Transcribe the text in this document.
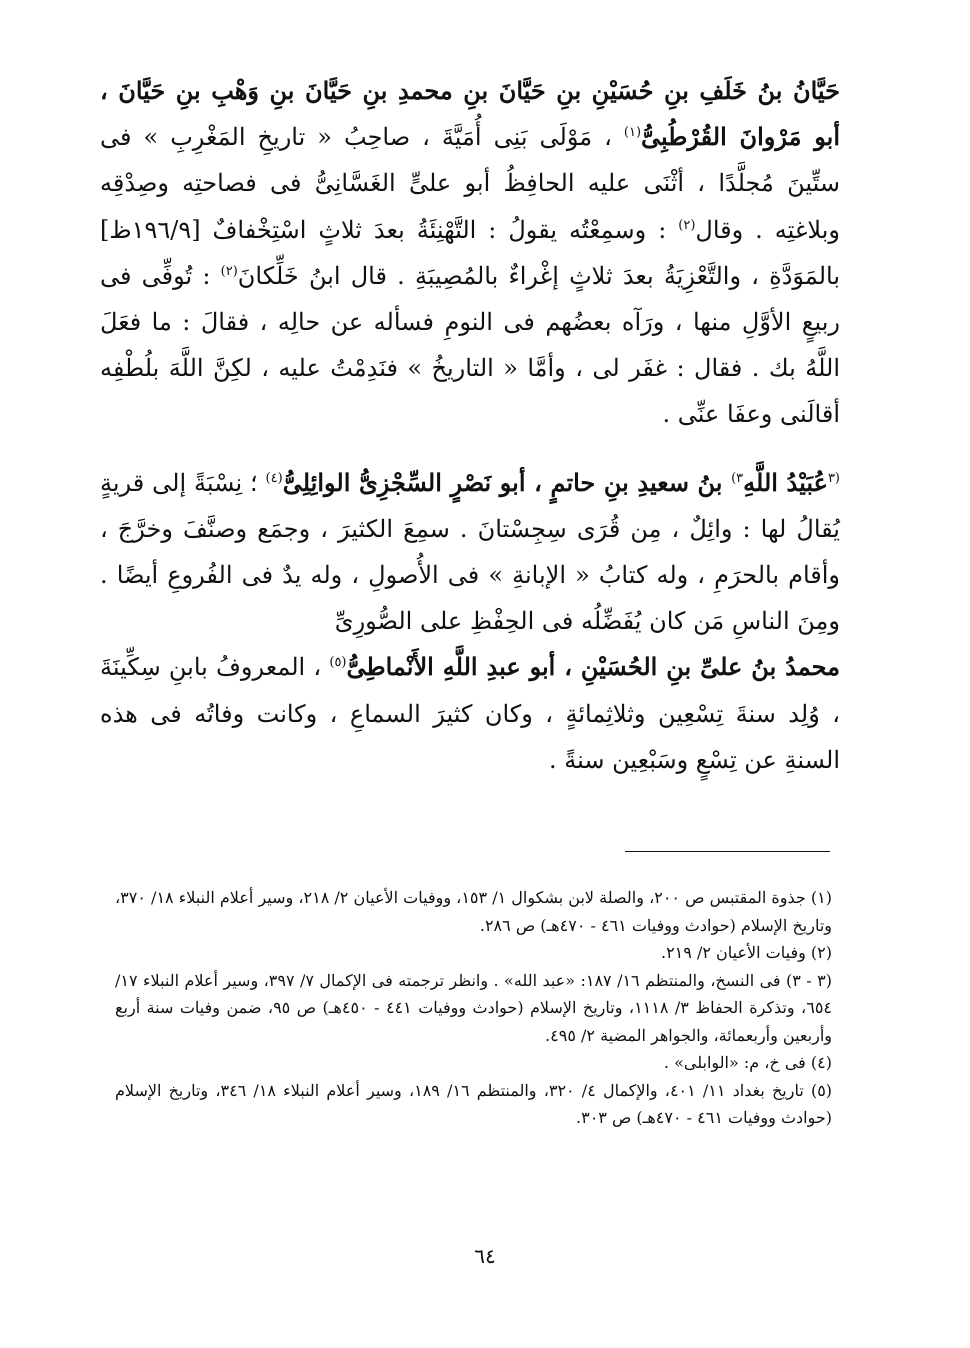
حَيَّانُ بنُ خَلَفِ بنِ حُسَيْنِ بنِ حَيَّانَ بنِ محمدِ بنِ حَيَّانَ بنِ وَهْبِ بنِ حَيَّانَ ، أبو مَرْوانَ القُرْطُبِىُّ$^{(١)}$ ، مَوْلَى بَنِى أُمَيَّةَ ، صاحِبُ « تاريخِ المَغْرِبِ » فى ستِّينَ مُجلَّدًا ، أثْنَى عليه الحافِظُ أبو علىٍّ الغَسَّانِىُّ فى فصاحتِه وصِدْقِه وبلاغتِه . وقال$^{(٢)}$ : وسمِعْتُه يقولُ : التَّهْنِئَةُ بعدَ ثلاثٍ اسْتِخْفافٌ [١٩٦/٩ظ] بالمَوَدَّةِ ، والتَّعْزِيَةُ بعدَ ثلاثٍ إغْراءٌ بالمُصِيبَةِ . قال ابنُ خَلِّكانَ$^{(٢)}$ : تُوفِّى فى ربيعٍ الأوَّلِ منها ، ورَآه بعضُهم فى النومِ فسأله عن حالِه ، فقالَ : ما فعَلَ اللَّهُ بك . فقال : غفَر لى ، وأمَّا « التاريخُ » فنَدِمْتُ عليه ، لكِنَّ اللَّهَ بلُطْفِه أقالَنى وعفَا عنِّى .

$^{(٣}$عُبَيْدُ اللَّهِ$^{٣)}$ بنُ سعيدِ بنِ حاتمٍ ، أبو نَصْرٍ السِّجْزِىُّ الوائِلِىُّ$^{(٤)}$ ؛ نِسْبَةً إلى قريةٍ يُقالُ لها : وائِلٌ ، مِن قُرَى سِجِسْتانَ . سمِعَ الكثيرَ ، وجمَع وصنَّفَ وخرَّجَ ، وأقام بالحرَمِ ، وله كتابُ « الإبانةِ » فى الأُصولِ ، وله يدٌ فى الفُروعِ أيضًا . ومِنَ الناسِ مَن كان يُفَضِّلُه فى الحِفْظِ على الصُّورِىِّ

محمدُ بنُ علىِّ بنِ الحُسَيْنِ ، أبو عبدِ اللَّهِ الأَنْماطِىُّ$^{(٥)}$ ، المعروفُ بابنِ سِكِّينَةَ ، وُلِد سنةَ تِسْعِين وثلاثِمائةٍ ، وكان كثيرَ السماعِ ، وكانت وفاتُه فى هذه السنةِ عن تِسْعٍ وسَبْعِين سنةً .

(١) جذوة المقتبس ص ٢٠٠، والصلة لابن بشكوال ١/ ١٥٣، ووفيات الأعيان ٢/ ٢١٨، وسير أعلام النبلاء ١٨/ ٣٧٠، وتاريخ الإسلام (حوادث ووفيات ٤٦١ - ٤٧٠هـ) ص ٢٨٦.

(٢) وفيات الأعيان ٢/ ٢١٩.

(٣ - ٣) فى النسخ، والمنتظم ١٦/ ١٨٧: «عبد الله» . وانظر ترجمته فى الإكمال ٧/ ٣٩٧، وسير أعلام النبلاء ١٧/ ٦٥٤، وتذكرة الحفاظ ٣/ ١١١٨، وتاريخ الإسلام (حوادث ووفيات ٤٤١ - ٤٥٠هـ) ص ٩٥، ضمن وفيات سنة أربع وأربعين وأربعمائة، والجواهر المضية ٢/ ٤٩٥.

(٤) فى خ، م: «الوابلى» .

(٥) تاريخ بغداد ١١/ ٤٠١، والإكمال ٤/ ٣٢٠، والمنتظم ١٦/ ١٨٩، وسير أعلام النبلاء ١٨/ ٣٤٦، وتاريخ الإسلام (حوادث ووفيات ٤٦١ - ٤٧٠هـ) ص ٣٠٣.

٦٤
